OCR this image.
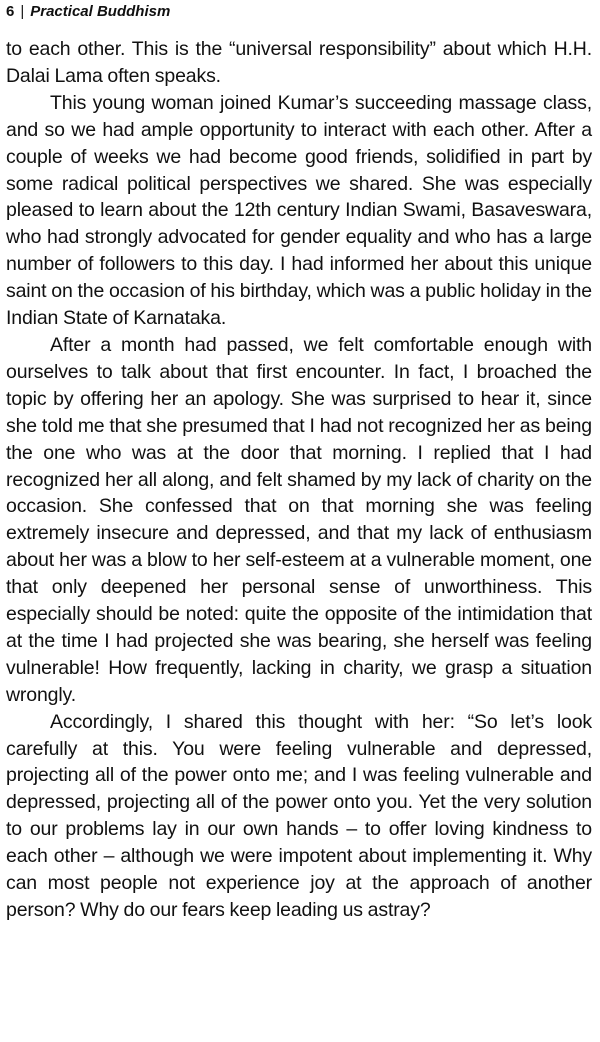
6 | Practical Buddhism

to each other. This is the “universal responsibility” about which H.H. Dalai Lama often speaks.

This young woman joined Kumar’s succeeding massage class, and so we had ample opportunity to interact with each other. After a couple of weeks we had become good friends, solidified in part by some radical political perspectives we shared. She was especially pleased to learn about the 12th century Indian Swami, Basaveswara, who had strongly advocated for gender equality and who has a large number of followers to this day. I had informed her about this unique saint on the occasion of his birthday, which was a public holiday in the Indian State of Karnataka.

After a month had passed, we felt comfortable enough with ourselves to talk about that first encounter. In fact, I broached the topic by offering her an apology. She was surprised to hear it, since she told me that she presumed that I had not recognized her as being the one who was at the door that morning. I replied that I had recognized her all along, and felt shamed by my lack of charity on the occasion. She confessed that on that morning she was feeling extremely insecure and depressed, and that my lack of enthusiasm about her was a blow to her self-esteem at a vulnerable moment, one that only deepened her personal sense of unworthiness. This especially should be noted: quite the opposite of the intimidation that at the time I had projected she was bearing, she herself was feeling vulnerable! How frequently, lacking in charity, we grasp a situation wrongly.

Accordingly, I shared this thought with her: “So let’s look carefully at this. You were feeling vulnerable and depressed, projecting all of the power onto me; and I was feeling vulnerable and depressed, projecting all of the power onto you. Yet the very solution to our problems lay in our own hands – to offer loving kindness to each other – although we were impotent about implementing it. Why can most people not experience joy at the approach of another person? Why do our fears keep leading us astray?
